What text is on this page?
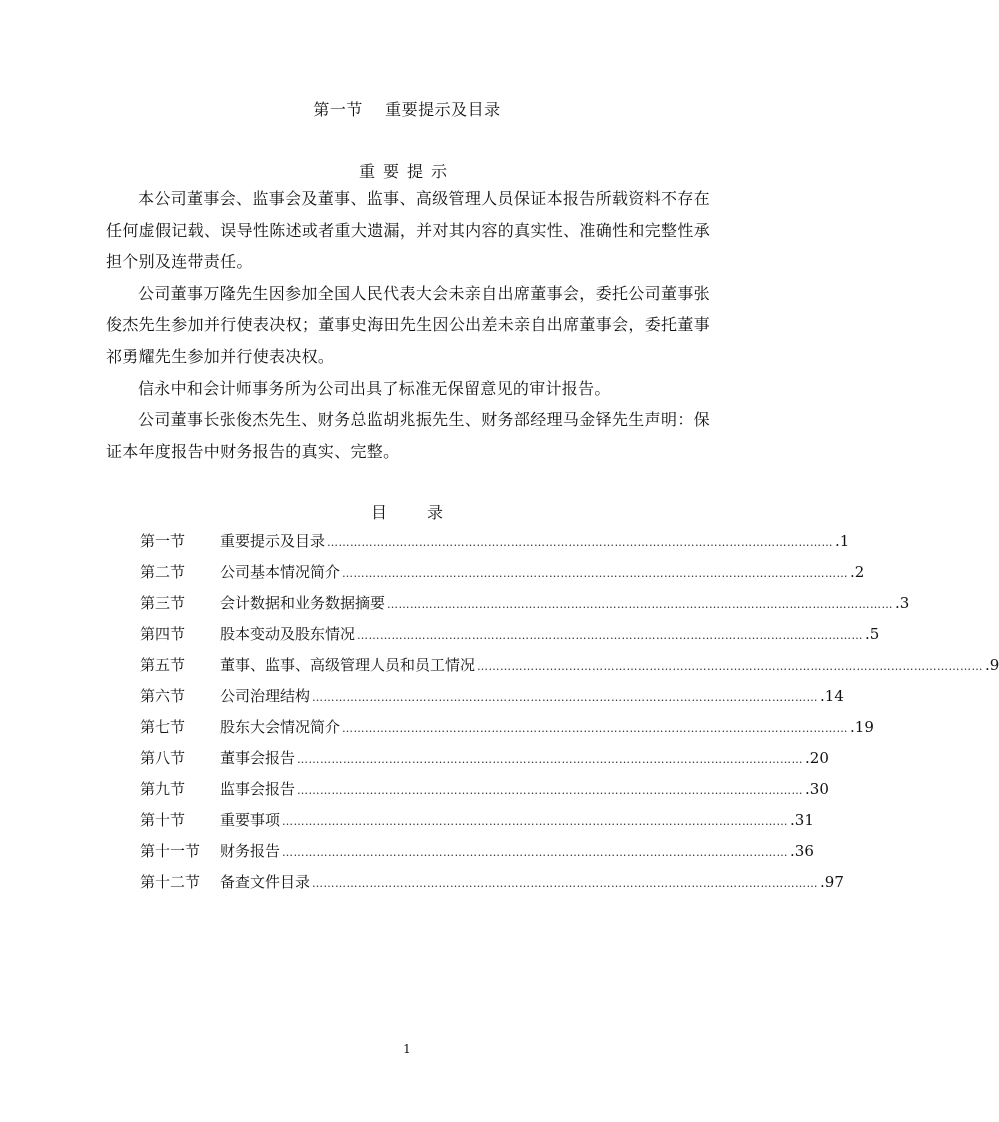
第一节    重要提示及目录
重要提示

本公司董事会、监事会及董事、监事、高级管理人员保证本报告所载资料不存在任何虚假记载、误导性陈述或者重大遗漏，并对其内容的真实性、准确性和完整性承担个别及连带责任。

公司董事万隆先生因参加全国人民代表大会未亲自出席董事会，委托公司董事张俊杰先生参加并行使表决权；董事史海田先生因公出差未亲自出席董事会，委托董事祁勇耀先生参加并行使表决权。

信永中和会计师事务所为公司出具了标准无保留意见的审计报告。

公司董事长张俊杰先生、财务总监胡兆振先生、财务部经理马金铎先生声明：保证本年度报告中财务报告的真实、完整。

目录
第一节	重要提示及目录 …………………………………………………………………………………………………………………… .1
第二节	公司基本情况简介 …………………………………………………………………………………………………………………… .2
第三节	会计数据和业务数据摘要 …………………………………………………………………………………………………………………… .3
第四节	股本变动及股东情况 …………………………………………………………………………………………………………………… .5
第五节	董事、监事、高级管理人员和员工情况 …………………………………………………………………………………………………………………… .9
第六节	公司治理结构 …………………………………………………………………………………………………………………… .14
第七节	股东大会情况简介 …………………………………………………………………………………………………………………… .19
第八节	董事会报告 …………………………………………………………………………………………………………………… .20
第九节	监事会报告 …………………………………………………………………………………………………………………… .30
第十节	重要事项 …………………………………………………………………………………………………………………… .31
第十一节	财务报告 …………………………………………………………………………………………………………………… .36
第十二节	备查文件目录 …………………………………………………………………………………………………………………… .97
1
